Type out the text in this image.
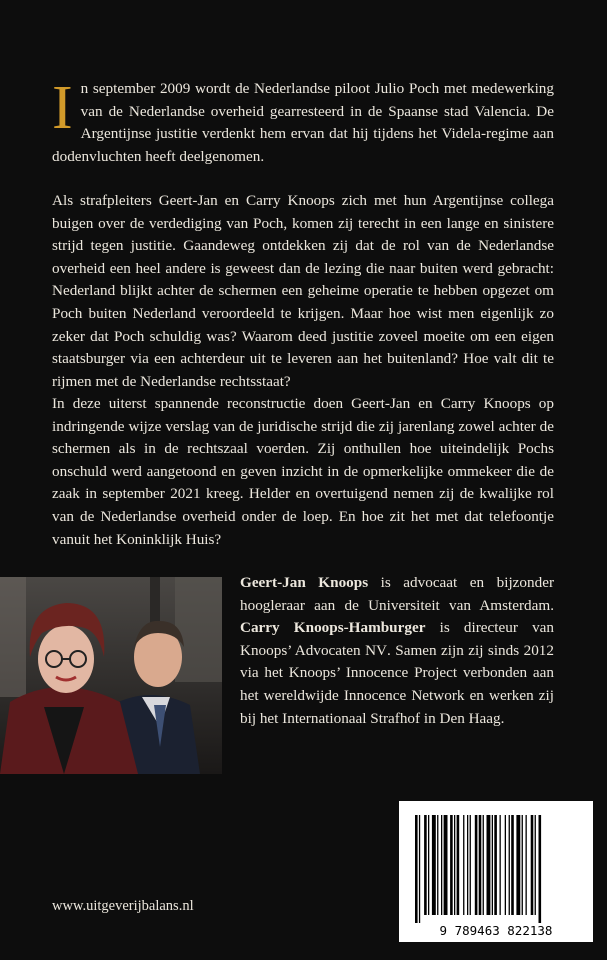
In september 2009 wordt de Nederlandse piloot Julio Poch met medewerking van de Nederlandse overheid gearresteerd in de Spaanse stad Valencia. De Argentijnse justitie verdenkt hem ervan dat hij tijdens het Videla-regime aan dodenvluchten heeft deelgenomen.

Als strafpleiters Geert-Jan en Carry Knoops zich met hun Argentijnse collega buigen over de verdediging van Poch, komen zij terecht in een lange en sinistere strijd tegen justitie. Gaandeweg ontdekken zij dat de rol van de Nederlandse overheid een heel andere is geweest dan de lezing die naar buiten werd gebracht: Nederland blijkt achter de schermen een geheime operatie te hebben opgezet om Poch buiten Nederland veroordeeld te krijgen. Maar hoe wist men eigenlijk zo zeker dat Poch schuldig was? Waarom deed justitie zoveel moeite om een eigen staatsburger via een achterdeur uit te leveren aan het buitenland? Hoe valt dit te rijmen met de Nederlandse rechtsstaat?

In deze uiterst spannende reconstructie doen Geert-Jan en Carry Knoops op indringende wijze verslag van de juridische strijd die zij jarenlang zowel achter de schermen als in de rechtszaal voerden. Zij onthullen hoe uiteindelijk Pochs onschuld werd aangetoond en geven inzicht in de opmerkelijke ommekeer die de zaak in september 2021 kreeg. Helder en overtuigend nemen zij de kwalijke rol van de Nederlandse overheid onder de loep. En hoe zit het met dat telefoontje vanuit het Koninklijk Huis?

Geert-Jan Knoops is advocaat en bijzonder hoogleraar aan de Universiteit van Amsterdam. Carry Knoops-Hamburger is directeur van Knoops’ Advocaten NV. Samen zijn zij sinds 2012 via het Knoops’ Innocence Project verbonden aan het wereldwijde Innocence Network en werken zij bij het Internationaal Strafhof in Den Haag.

9 789463 822138
www.uitgeverijbalans.nl
